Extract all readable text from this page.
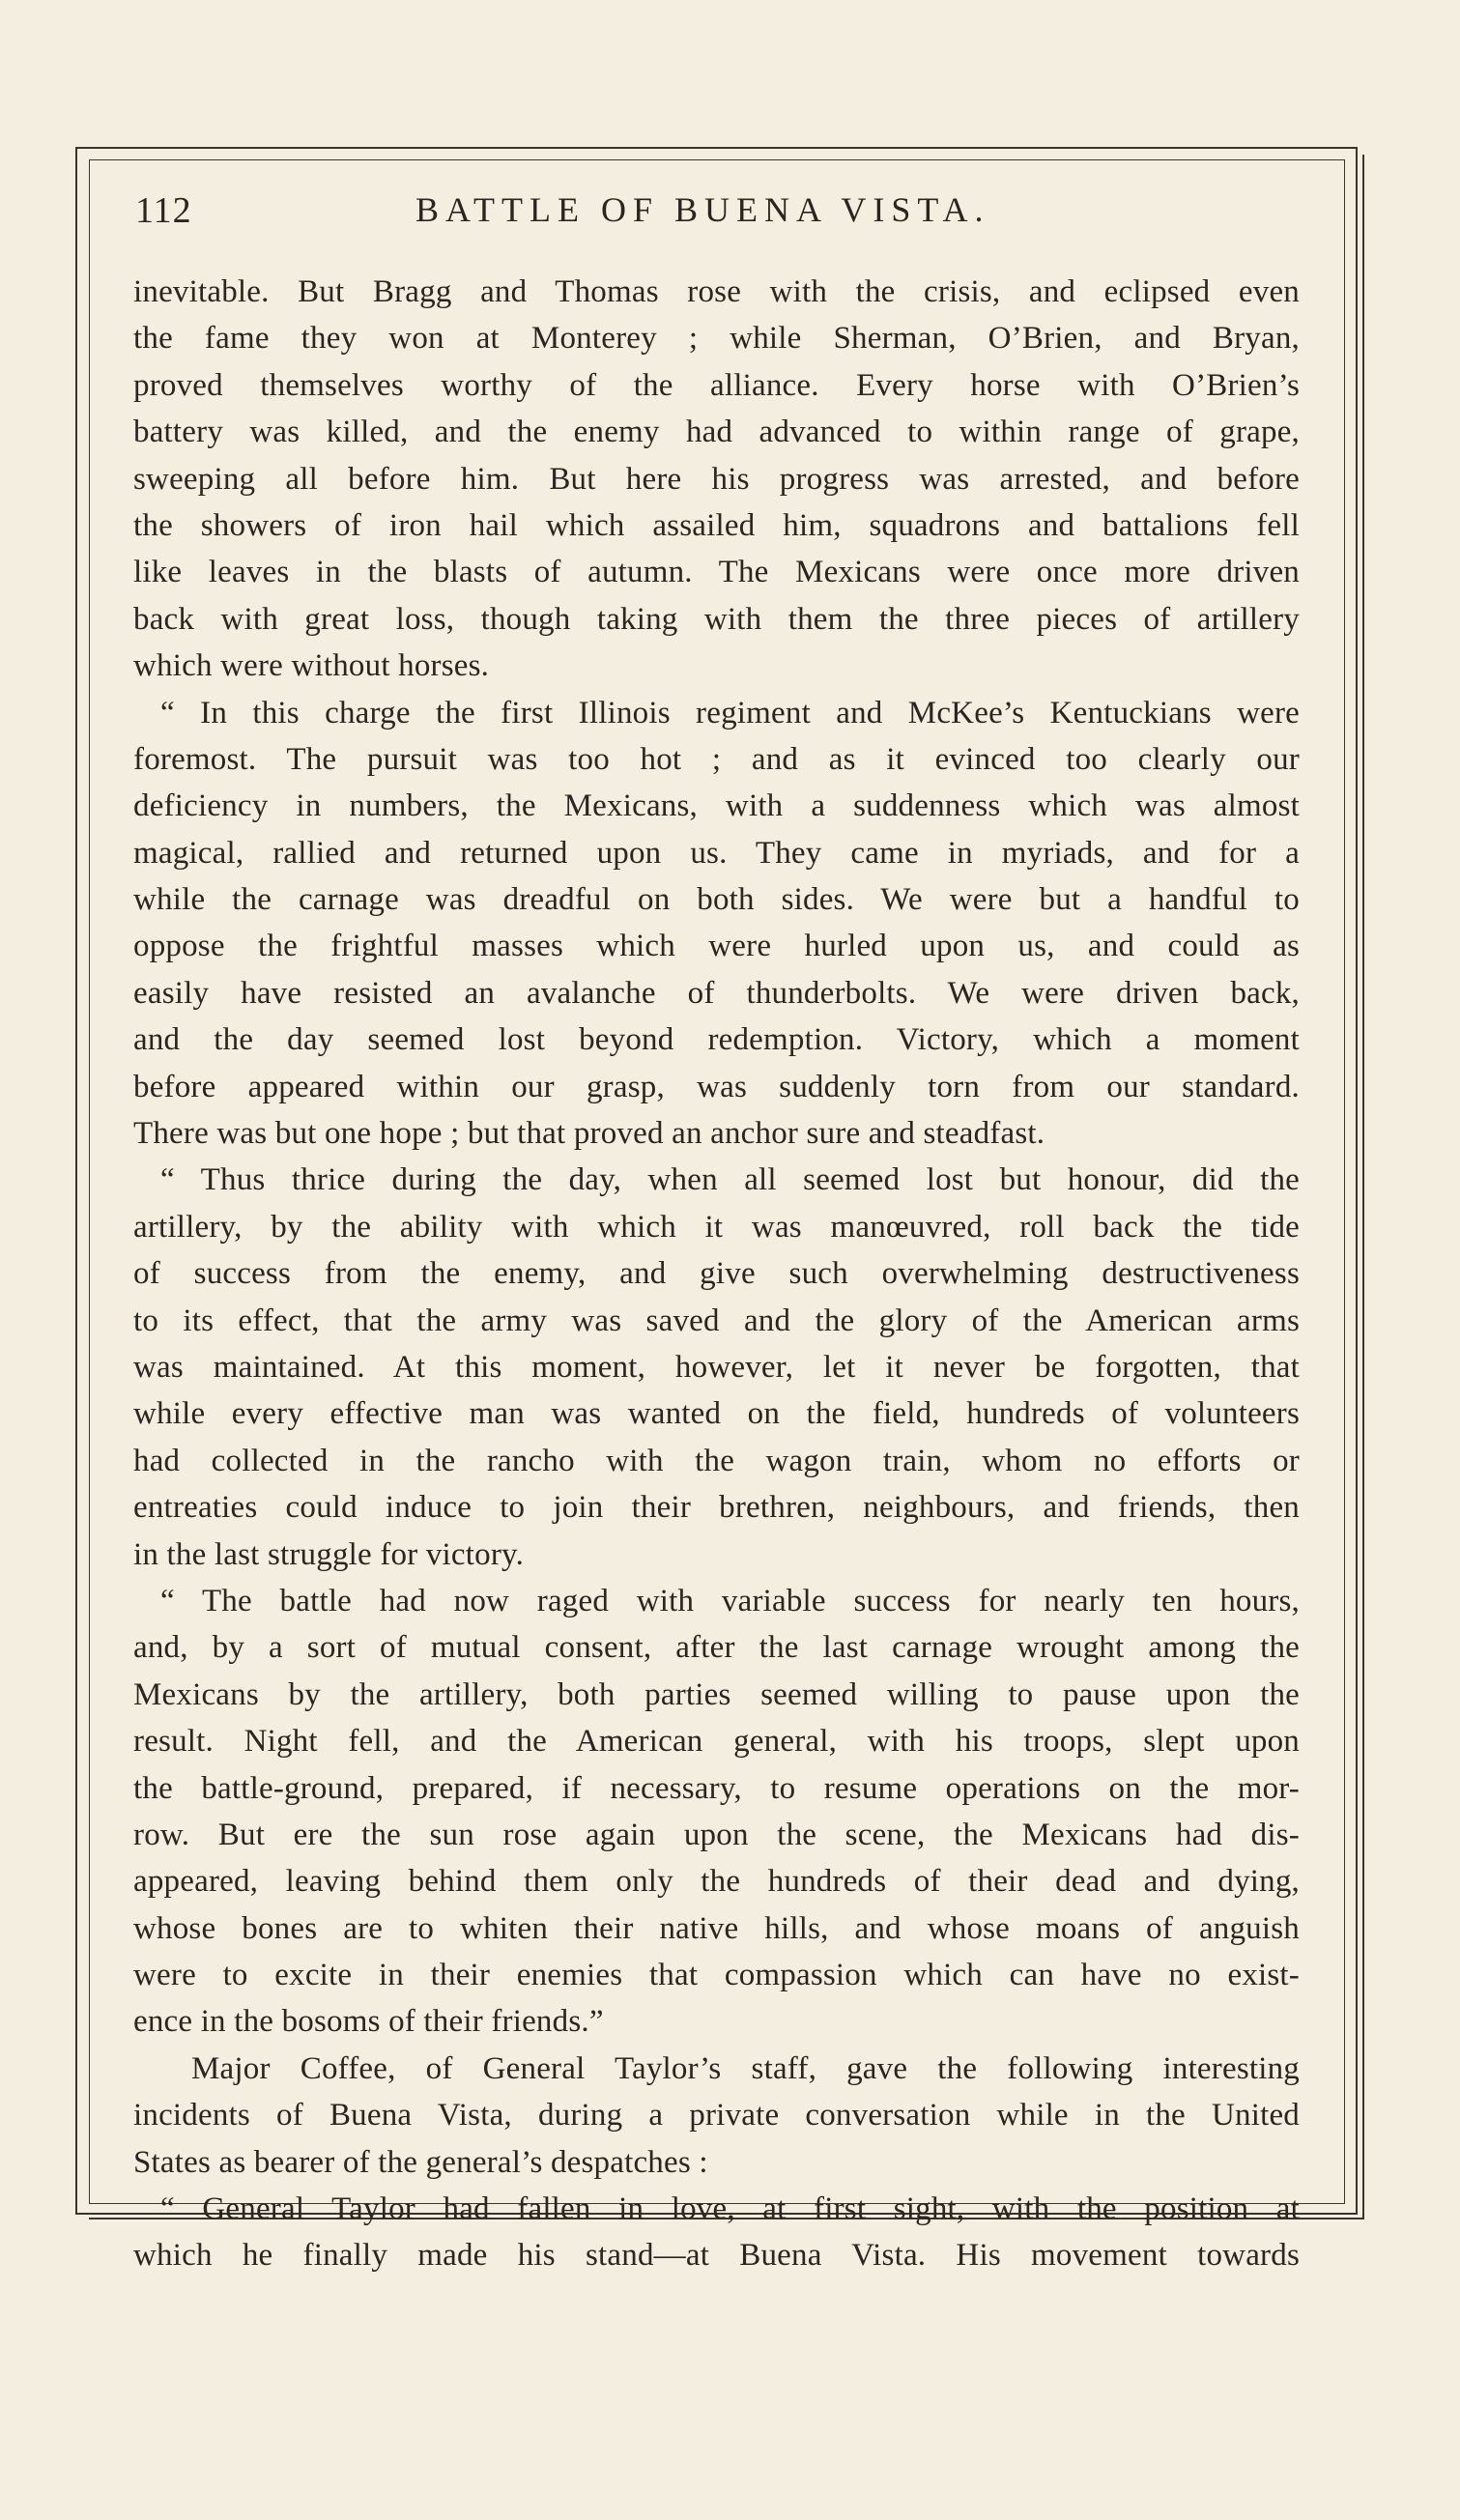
112	BATTLE OF BUENA VISTA.
inevitable. But Bragg and Thomas rose with the crisis, and eclipsed even
the fame they won at Monterey ; while Sherman, O’Brien, and Bryan,
proved themselves worthy of the alliance. Every horse with O’Brien’s
battery was killed, and the enemy had advanced to within range of grape,
sweeping all before him. But here his progress was arrested, and before
the showers of iron hail which assailed him, squadrons and battalions fell
like leaves in the blasts of autumn. The Mexicans were once more driven
back with great loss, though taking with them the three pieces of artillery
which were without horses.
“ In this charge the first Illinois regiment and McKee’s Kentuckians were
foremost. The pursuit was too hot ; and as it evinced too clearly our
deficiency in numbers, the Mexicans, with a suddenness which was almost
magical, rallied and returned upon us. They came in myriads, and for a
while the carnage was dreadful on both sides. We were but a handful to
oppose the frightful masses which were hurled upon us, and could as
easily have resisted an avalanche of thunderbolts. We were driven back,
and the day seemed lost beyond redemption. Victory, which a moment
before appeared within our grasp, was suddenly torn from our standard.
There was but one hope ; but that proved an anchor sure and steadfast.
“ Thus thrice during the day, when all seemed lost but honour, did the
artillery, by the ability with which it was manœuvred, roll back the tide
of success from the enemy, and give such overwhelming destructiveness
to its effect, that the army was saved and the glory of the American arms
was maintained. At this moment, however, let it never be forgotten, that
while every effective man was wanted on the field, hundreds of volunteers
had collected in the rancho with the wagon train, whom no efforts or
entreaties could induce to join their brethren, neighbours, and friends, then
in the last struggle for victory.
“ The battle had now raged with variable success for nearly ten hours,
and, by a sort of mutual consent, after the last carnage wrought among the
Mexicans by the artillery, both parties seemed willing to pause upon the
result. Night fell, and the American general, with his troops, slept upon
the battle-ground, prepared, if necessary, to resume operations on the mor-
row. But ere the sun rose again upon the scene, the Mexicans had dis-
appeared, leaving behind them only the hundreds of their dead and dying,
whose bones are to whiten their native hills, and whose moans of anguish
were to excite in their enemies that compassion which can have no exist-
ence in the bosoms of their friends.”
Major Coffee, of General Taylor’s staff, gave the following interesting
incidents of Buena Vista, during a private conversation while in the United
States as bearer of the general’s despatches :
“ General Taylor had fallen in love, at first sight, with the position at
which he finally made his stand—at Buena Vista. His movement towards
